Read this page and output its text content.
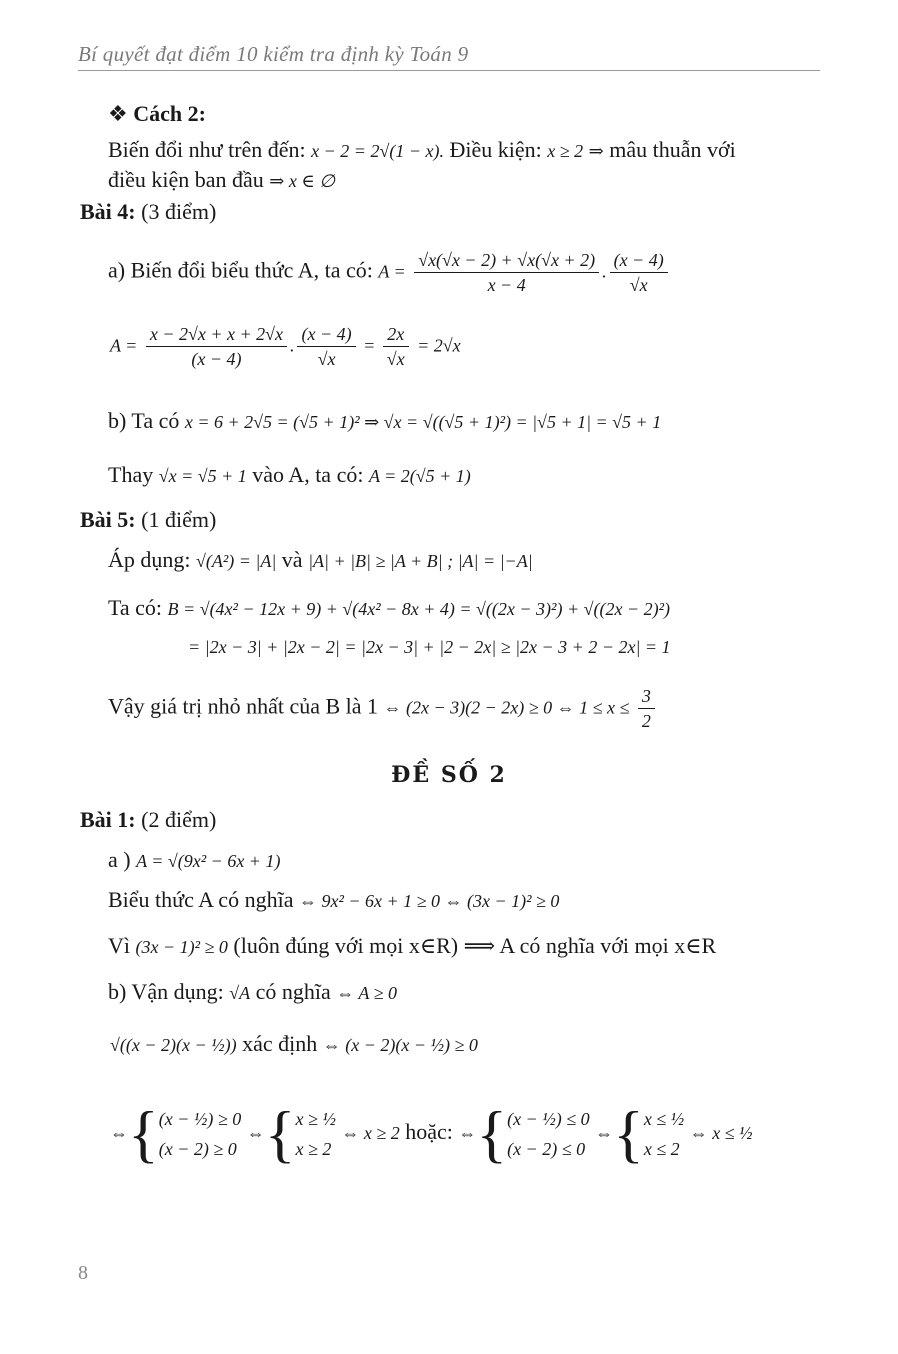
Bí quyết đạt điểm 10 kiểm tra định kỳ Toán 9
❖ Cách 2:
Biến đổi như trên đến: x − 2 = 2√(1 − x). Điều kiện: x ≥ 2 ⇒ mâu thuẫn với
điều kiện ban đầu ⇒ x ∈ ∅
Bài 4: (3 điểm)
a) Biến đổi biểu thức A, ta có: $A = \frac{√x(√x - 2) + √x(√x + 2)}{x - 4}$ . $\frac{(x - 4)}{√x}$
$A = \frac{x - 2√x + x + 2√x}{(x - 4)}$ . $\frac{(x - 4)}{√x} = \frac{2x}{√x} = 2√x$
b) Ta có x = 6 + 2√5 = (√5 + 1)² ⇒ √x = √((√5 + 1)²) = |√5 + 1| = √5 + 1
Thay √x = √5 + 1 vào A, ta có: A = 2(√5 + 1)
Bài 5: (1 điểm)
Áp dụng: √(A²) = |A| và |A| + |B| ≥ |A + B| ; |A| = |−A|
Ta có: B = √(4x² − 12x + 9) + √(4x² − 8x + 4) = √((2x − 3)²) + √((2x − 2)²)
= |2x − 3| + |2x − 2| = |2x − 3| + |2 − 2x| ≥ |2x − 3 + 2 − 2x| = 1
Vậy giá trị nhỏ nhất của B là 1 ⇔ (2x − 3)(2 − 2x) ≥ 0 ⇔ $1 \le x \le \frac{3}{2}$
ĐỀ SỐ 2
Bài 1: (2 điểm)
a ) A = √(9x² − 6x + 1)
Biểu thức A có nghĩa ⇔ 9x² − 6x + 1 ≥ 0 ⇔ (3x − 1)² ≥ 0
Vì (3x − 1)² ≥ 0 (luôn đúng với mọi x∈R) ⟹ A có nghĩa với mọi x∈R
b) Vận dụng: √A có nghĩa ⇔ A ≥ 0
√((x − 2)(x − ½)) xác định ⇔ (x − 2)(x − ½) ≥ 0
⇔{ (x − ½) ≥ 0
(x − 2) ≥ 0
⇔{ x ≥ ½
x ≥ 2
⇔ x ≥ 2 hoặc: ⇔{ (x − ½) ≤ 0
(x − 2) ≤ 0
⇔{ x ≤ ½
x ≤ 2
⇔ x ≤ ½
8
